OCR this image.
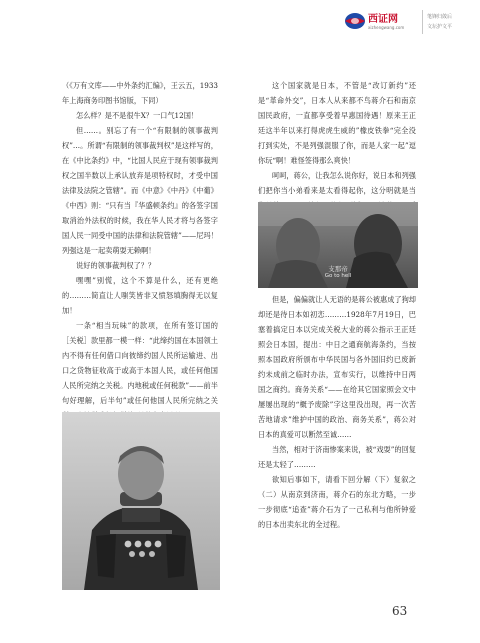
西证网
xizhengwang.com
笔锋归敛后
文坛护文平

（《万有文库——中外条约汇编》，王云五，1933年上海商务印图书馆版，下同）

怎么样？是不是很牛X？一口气12国！

但……。别忘了有一个“有限制的领事裁判权”…。所谓“有限制的领事裁判权”是这样写的，在《中比条约》中，“比国人民应于现有领事裁判权之国半数以上承认放弃是项特权时，才受中国法律及法院之管辖”。而《中意》《中丹》《中葡》《中西》则：“只有当『华盛顿条约』的各签字国取消治外法权的时候，我在华人民才将与各签字国人民一同受中国的法律和法院管辖”——尼玛！列强这是一起卖萌耍无赖啊！

说好的领事裁判权了？？

嘿嘿”别慌，这个不算是什么，还有更绝的………简直让人嗤笑皆非又愤怒填胸得无以复加！

一条“相当玩味”的款项，在所有签订国的［关税］款里都一模一样：“此缔约国在本国领土内不得有任何借口向彼缔约国人民所运输进、出口之货物征收高于或高于本国人民，或任何他国人民所完纳之关税。内地税或任何税款”——前半句好理解，后半句”或任何他国人民所完纳之关

这个国家就是日本，不管是“改订新约”还是“革命外交”，日本人从来都不鸟蒋介石和南京国民政府，一直都享受着早惠国待遇！原来王正廷这半年以来打得虎虎生威的”橡皮铁拳“完全没打到实处，不是列强混服了你，而是人家一起”逗你玩“啊！难怪签得那么爽快！

呵呵，蒋公，让我怎么说你好，说日本和列强们把你当小弟看来是太看得起你，这分明就是当

支那帝
Go to hell

但是，偏偏就让人无语的是蒋公被惠成了狗却却还是待日本如初恋………1928年7月19日，巴塞着搞定日本以完成关税大业的蒋公指示王正廷照会日本国，提出：中日之通商航海条约，当按照本国政府所颁布中华民国与各外国旧约已废新约未成前之临时办法，宣布实行，以维持中日两国之商约。商务关系“——在给其它国家照会文中屡屡出现的“概予废除”字这里没出现，再一次苦苦地请求”维护中国的政治、商务关系”，蒋公对日本的真爱可以断然至诚……

当然，相对于济南惨案来说，被“戏耍”的回复还是太轻了………

欲知后事如下，请看下回分解（下）复叙之（二）从南京到济南，蒋介石的东北方略，一步一步彻底“追查”蒋介石为了一己私利与他所钟爱的日本出卖东北的全过程。

63
